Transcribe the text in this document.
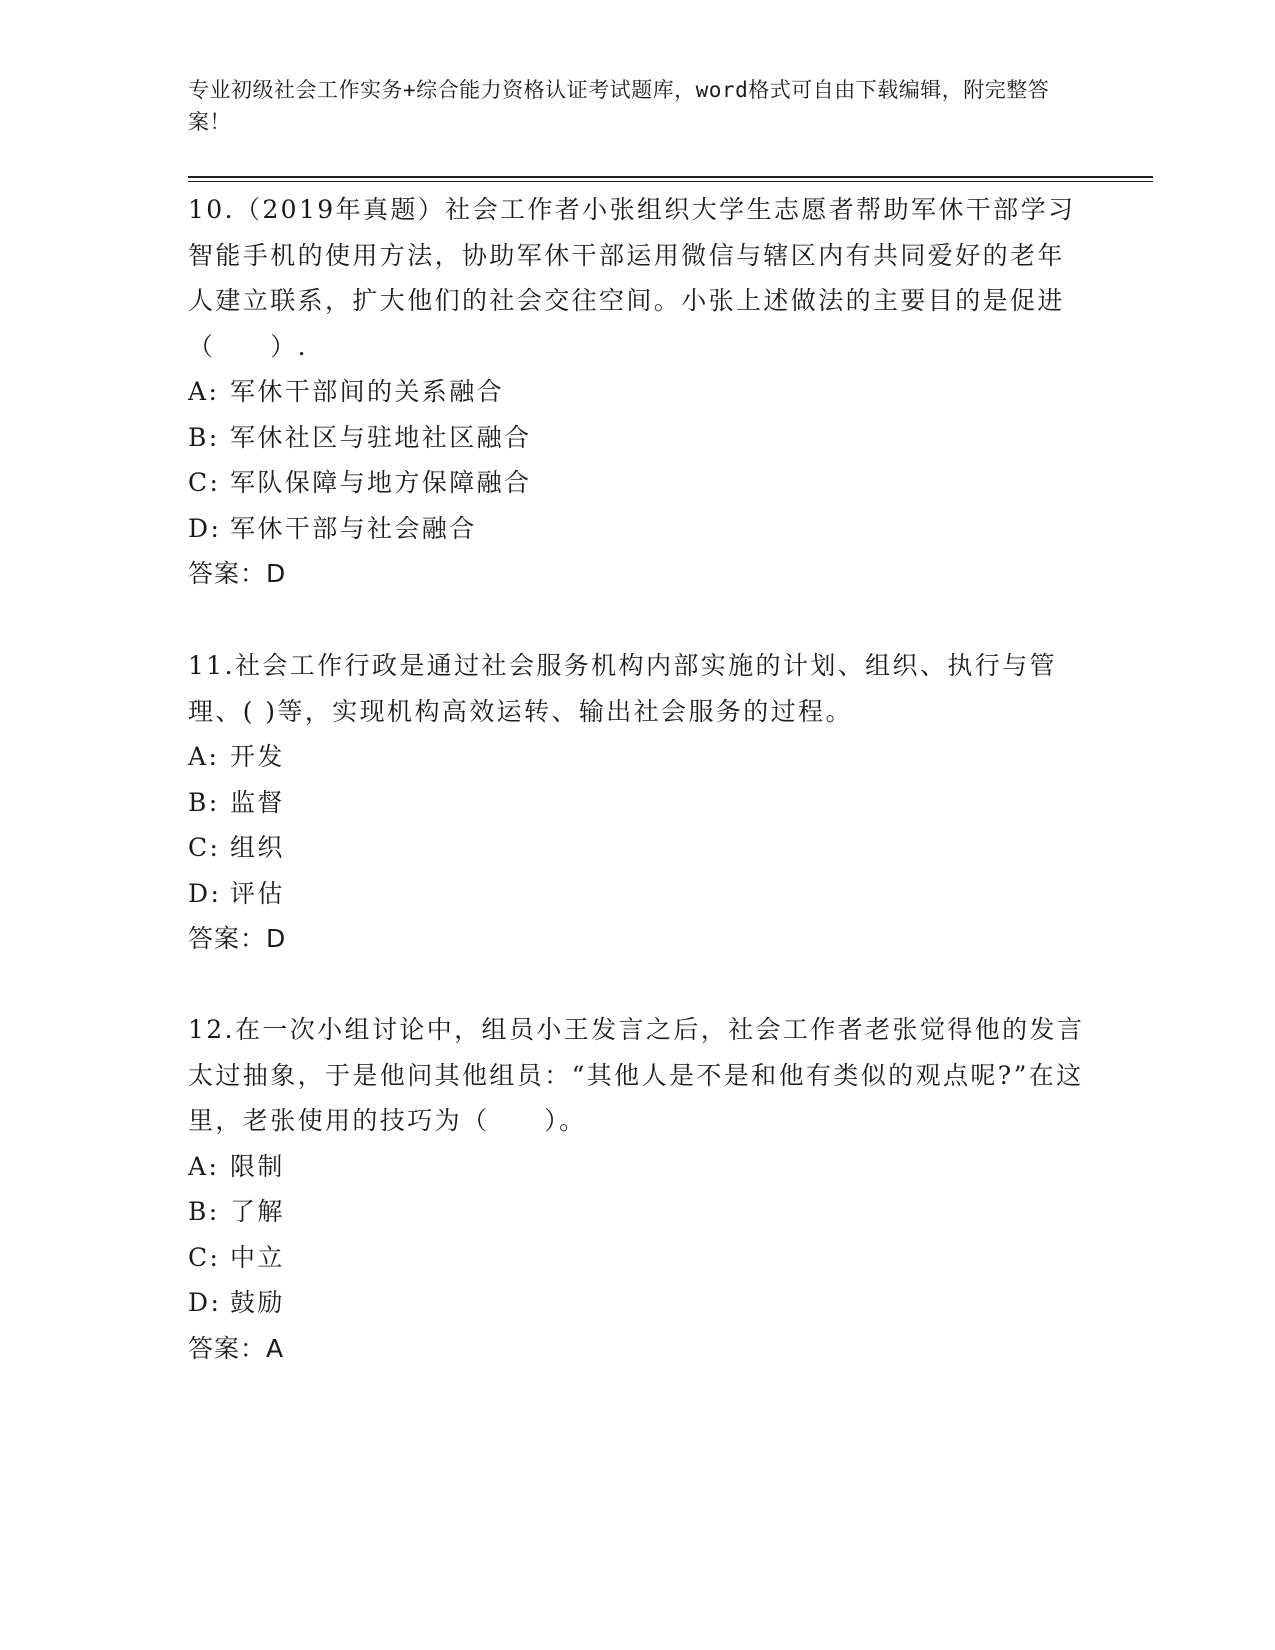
专业初级社会工作实务+综合能力资格认证考试题库，word格式可自由下载编辑，附完整答案！
10.（2019年真题）社会工作者小张组织大学生志愿者帮助军休干部学习智能手机的使用方法，协助军休干部运用微信与辖区内有共同爱好的老年人建立联系，扩大他们的社会交往空间。小张上述做法的主要目的是促进（　　）.
A: 军休干部间的关系融合
B: 军休社区与驻地社区融合
C: 军队保障与地方保障融合
D: 军休干部与社会融合
答案：D
11.社会工作行政是通过社会服务机构内部实施的计划、组织、执行与管理、( )等，实现机构高效运转、输出社会服务的过程。
A: 开发
B: 监督
C: 组织
D: 评估
答案：D
12.在一次小组讨论中，组员小王发言之后，社会工作者老张觉得他的发言太过抽象，于是他问其他组员：“其他人是不是和他有类似的观点呢?”在这里，老张使用的技巧为（　　）。
A: 限制
B: 了解
C: 中立
D: 鼓励
答案：A
